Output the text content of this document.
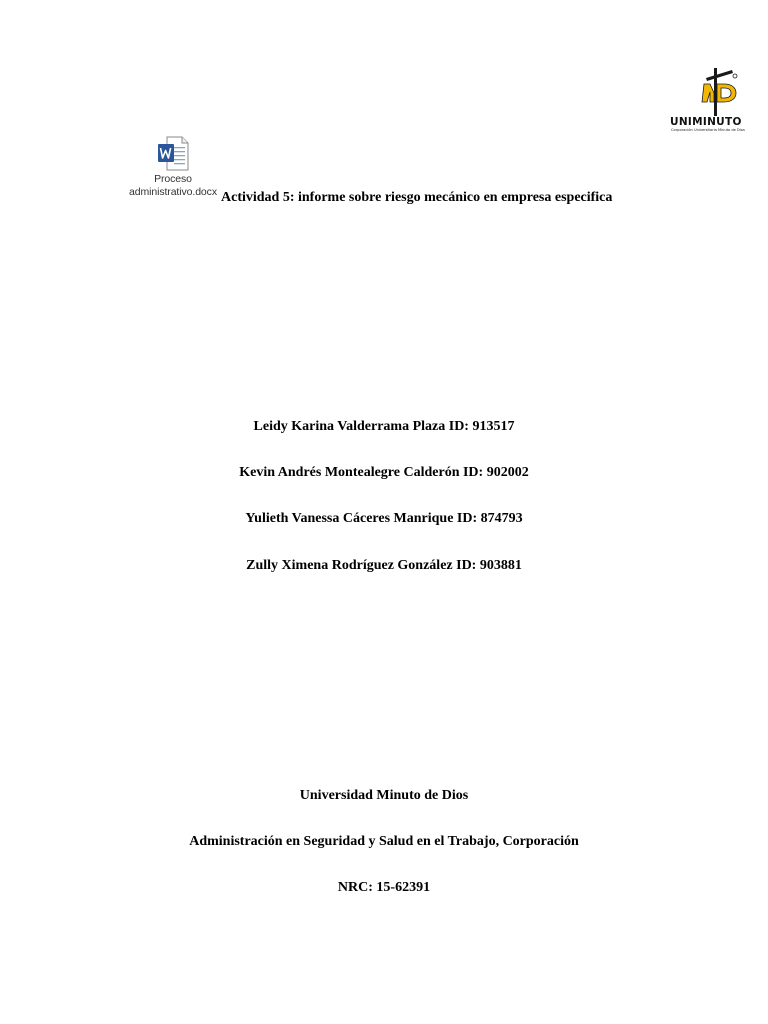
Proceso
administrativo.docx
UNIMINUTO
Corporación Universitaria Minuto de Dios
Actividad 5: informe sobre riesgo mecánico en empresa especifica
Leidy Karina Valderrama Plaza ID: 913517
Kevin Andrés Montealegre Calderón ID: 902002
Yulieth Vanessa Cáceres Manrique ID: 874793
Zully Ximena Rodríguez González ID: 903881
Universidad Minuto de Dios
Administración en Seguridad y Salud en el Trabajo, Corporación
NRC: 15-62391
